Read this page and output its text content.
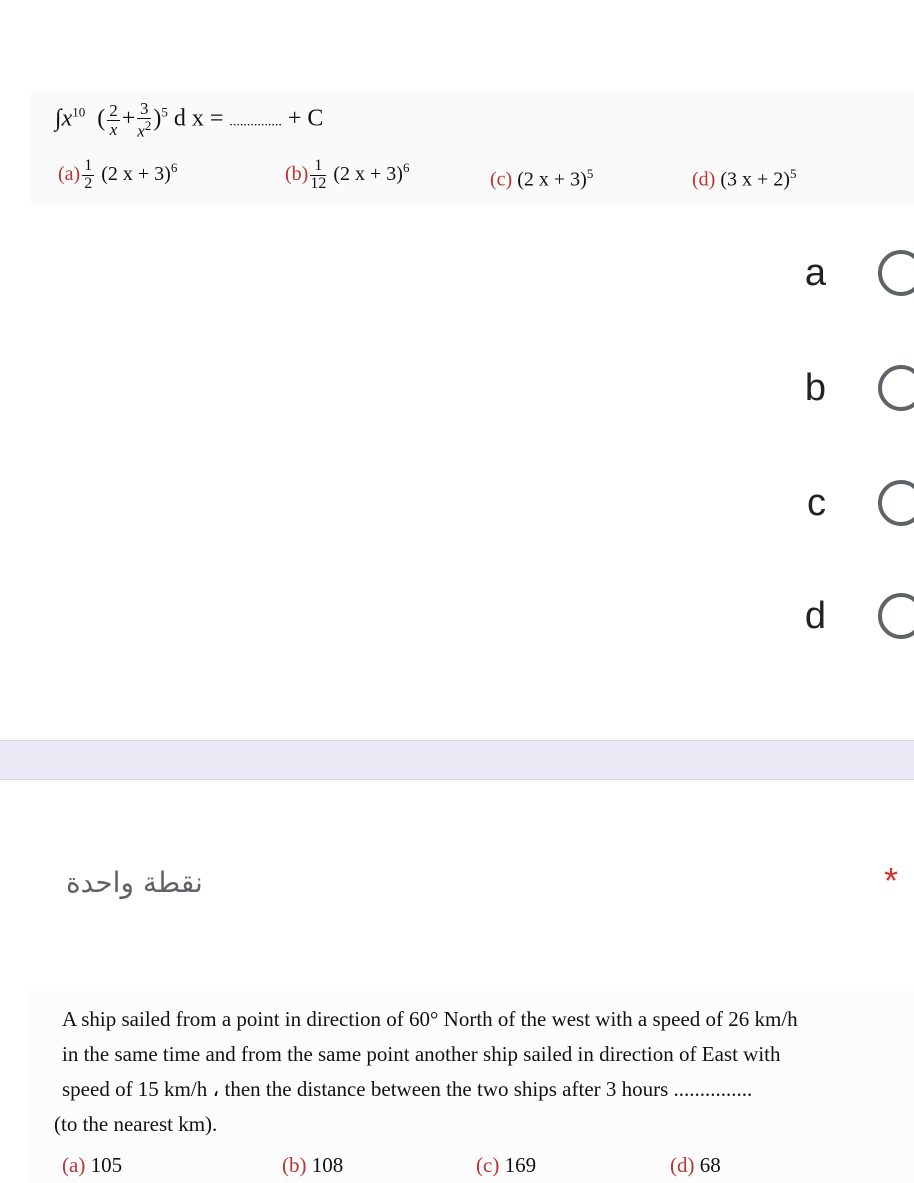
$\int x^{10}$  ( $\frac{2}{x} + \frac{3}{x^2} )^5$ d x = ............... + C
$(a) \frac{1}{2} (2$ x + 3)$^6$	$(b) \frac{1}{12} (2$ x + 3)$^6$
(c) (2 x + 3)$^5$	(d) (3 x + 2)$^5$
a
b
c
d
نقطة واحدة	*
A ship sailed from a point in direction of 60° North of the west with a speed of 26 km/h
in the same time and from the same point another ship sailed in direction of East with
speed of 15 km/h ، then the distance between the two ships after 3 hours ...............
(to the nearest km).
(a) 105	(b) 108	(c) 169	(d) 68
